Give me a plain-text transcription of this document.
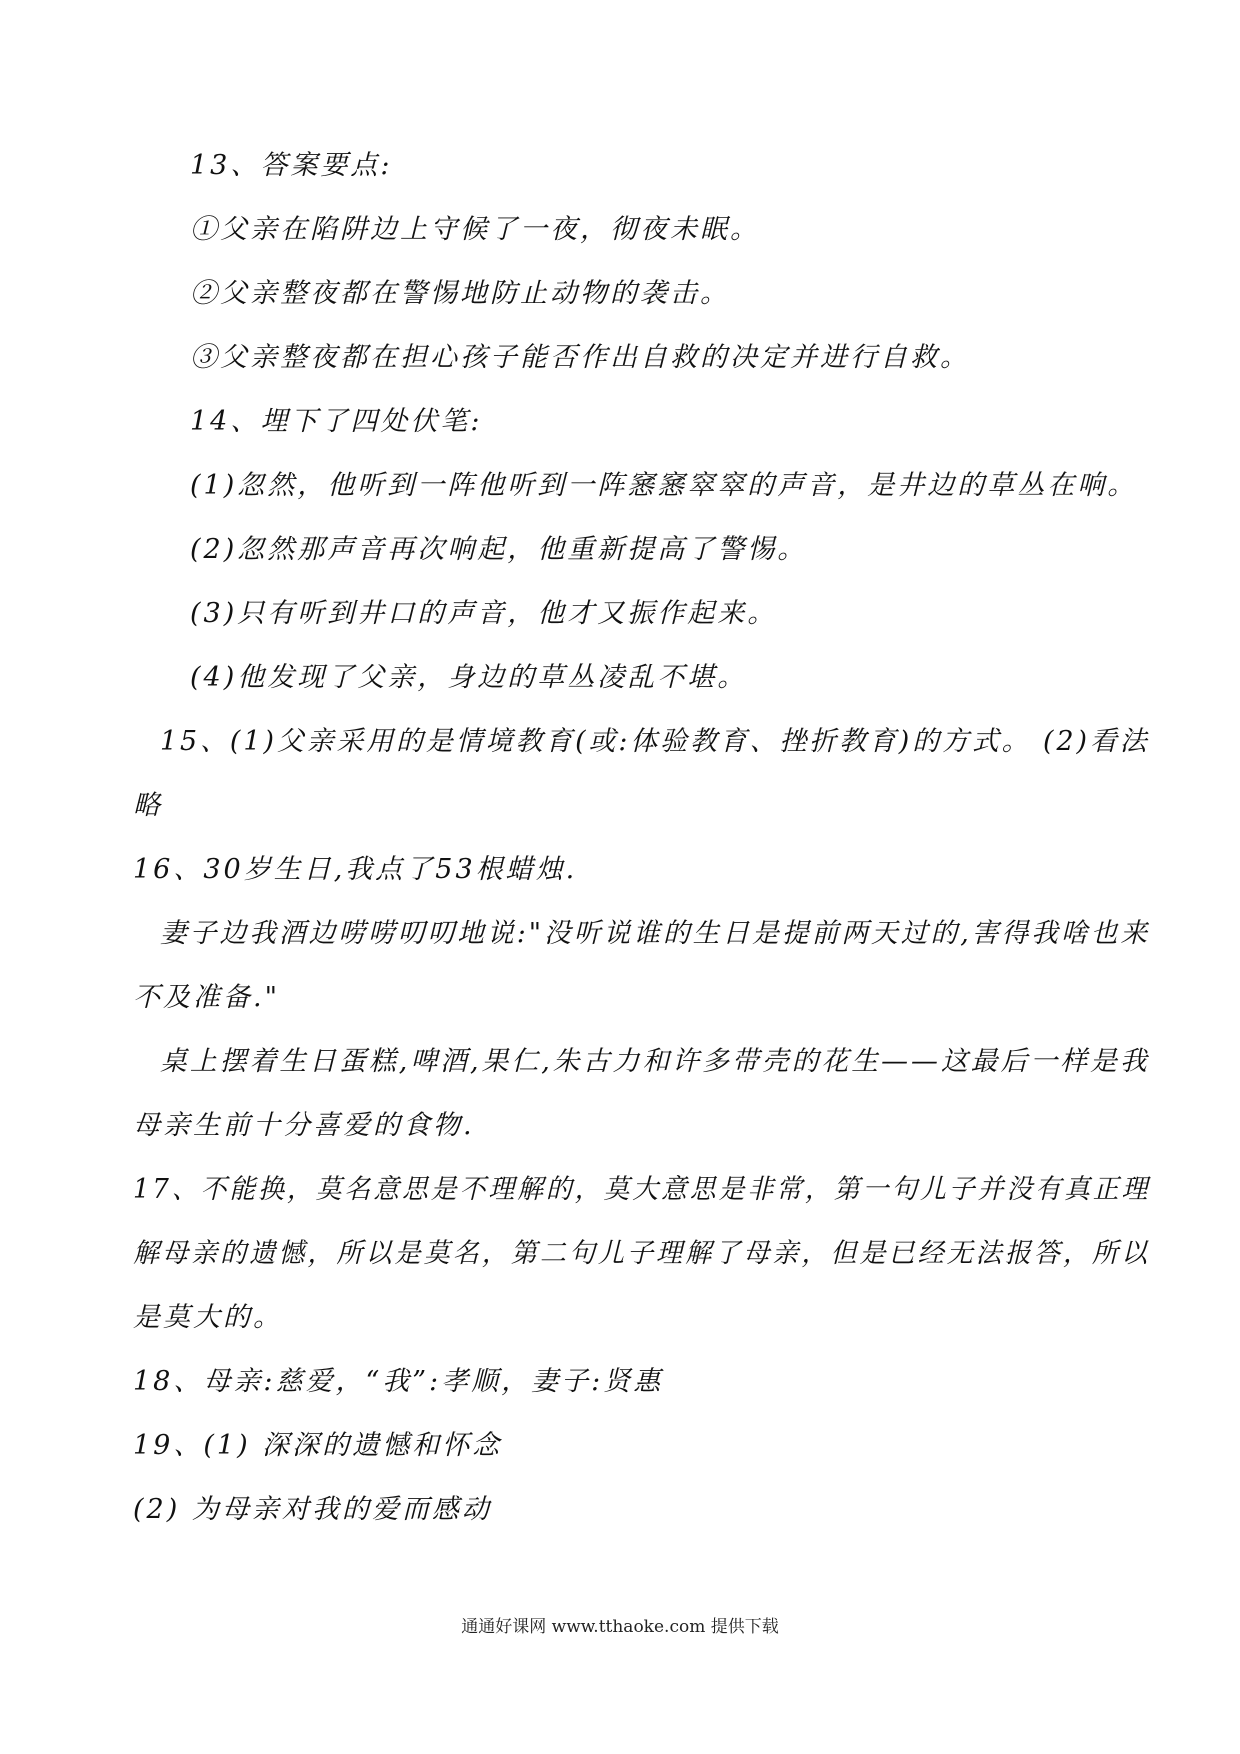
13、答案要点:
①父亲在陷阱边上守候了一夜，彻夜未眠。
②父亲整夜都在警惕地防止动物的袭击。
③父亲整夜都在担心孩子能否作出自救的决定并进行自救。
14、埋下了四处伏笔:
(1)忽然，他听到一阵他听到一阵窸窸窣窣的声音，是井边的草丛在响。
(2)忽然那声音再次响起，他重新提高了警惕。
(3)只有听到井口的声音，他才又振作起来。
(4)他发现了父亲，身边的草丛凌乱不堪。
15、(1)父亲采用的是情境教育(或:体验教育、挫折教育)的方式。 (2)看法
略
16、30岁生日,我点了53根蜡烛.
妻子边我酒边唠唠叨叨地说:"没听说谁的生日是提前两天过的,害得我啥也来
不及准备."
桌上摆着生日蛋糕,啤酒,果仁,朱古力和许多带壳的花生——这最后一样是我
母亲生前十分喜爱的食物.
17、不能换，莫名意思是不理解的，莫大意思是非常，第一句儿子并没有真正理
解母亲的遗憾，所以是莫名，第二句儿子理解了母亲，但是已经无法报答，所以
是莫大的。
18、母亲:慈爱，“我”:孝顺，妻子:贤惠
19、(1) 深深的遗憾和怀念
(2) 为母亲对我的爱而感动
通通好课网 www.tthaoke.com 提供下载
